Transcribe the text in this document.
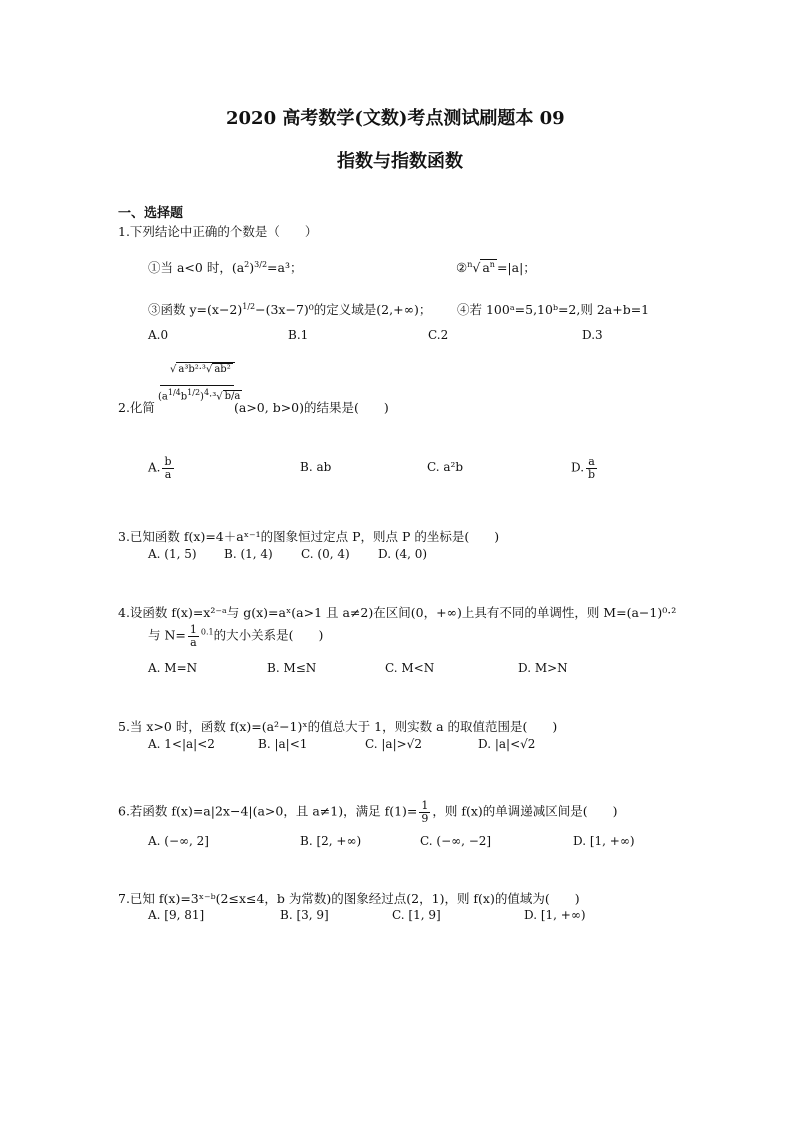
2020 高考数学(文数)考点测试刷题本 09
指数与指数函数
一、选择题
1.下列结论中正确的个数是（　　）
①当 a<0 时，$(a^2)^{3/2}=a^3$；	②$^n$√ $a^n =|a|$；
③函数 $y=(x-2)^{1/2}-(3x-7)^0$的定义域是(2,+∞)； ④若 100ᵃ=5,10ᵇ=2,则 2a+b=1
A.0	B.1	C.2	D.3
2.化简
√ a³b²·³√ ab²
$(a^{1/4}b^{1/2})^4\cdot^3√$ b/a
(a>0, b>0)的结果是(　　)
A. $\frac{b}{a}$	B. ab	C. a²b	D. $\frac{a}{b}$
3.已知函数 f(x)=4＋aˣ⁻¹的图象恒过定点 P，则点 P 的坐标是(　　)
A. (1, 5) B. (1, 4) C. (0, 4) D. (4, 0)
4.设函数 f(x)=x²⁻ᵃ与 g(x)=aˣ(a>1 且 a≠2)在区间(0，+∞)上具有不同的单调性，则 M=(a−1)⁰·²
与 $N= \frac{1}{a} ^{0.1}$的大小关系是(　　)
A. M=N	B. M≤N	C. M<N	D. M>N
5.当 x>0 时，函数 f(x)=(a²−1)ˣ的值总大于 1，则实数 a 的取值范围是(　　)
A. 1<|a|<2	B. |a|<1	C. |a|>√2	D. |a|<√2
6.若函数 f(x)=a|2x−4|(a>0，且 a≠1)，满足 $f(1)= \frac{1}{9}$ ，则 f(x)的单调递减区间是(　　)
A. (−∞, 2]	B. [2, +∞)	C. (−∞, −2]	D. [1, +∞)
7.已知 f(x)=3ˣ⁻ᵇ(2≤x≤4，b 为常数)的图象经过点(2，1)，则 f(x)的值域为(　　)
A. [9, 81]	B. [3, 9]	C. [1, 9]	D. [1, +∞)
